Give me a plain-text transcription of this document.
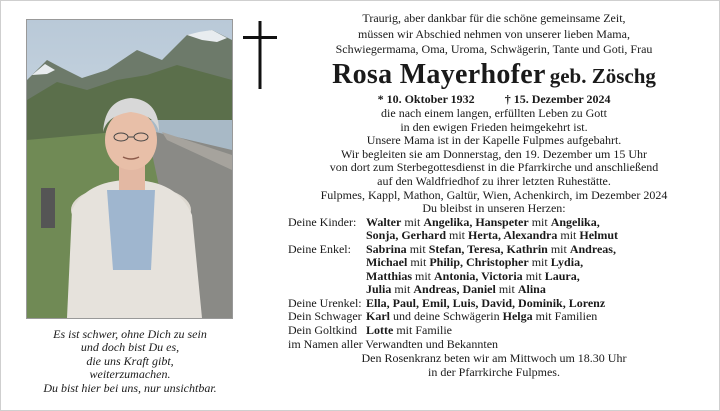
Es ist schwer, ohne Dich zu sein
und doch bist Du es,
die uns Kraft gibt,
weiterzumachen.
Du bist hier bei uns, nur unsichtbar.
Traurig, aber dankbar für die schöne gemeinsame Zeit,
müssen wir Abschied nehmen von unserer lieben Mama,
Schwiegermama, Oma, Uroma, Schwägerin, Tante und Goti, Frau
Rosa Mayerhofer geb. Zöschg
* 10. Oktober 1932	† 15. Dezember 2024
die nach einem langen, erfüllten Leben zu Gott
in den ewigen Frieden heimgekehrt ist.
Unsere Mama ist in der Kapelle Fulpmes aufgebahrt.
Wir begleiten sie am Donnerstag, den 19. Dezember um 15 Uhr
von dort zum Sterbegottesdienst in die Pfarrkirche und anschließend
auf den Waldfriedhof zu ihrer letzten Ruhestätte.
Fulpmes, Kappl, Mathon, Galtür, Wien, Achenkirch, im Dezember 2024
Du bleibst in unseren Herzen:
Deine Kinder: Walter mit Angelika, Hanspeter mit Angelika,
Sonja, Gerhard mit Herta, Alexandra mit Helmut
Deine Enkel:	Sabrina mit Stefan, Teresa, Kathrin mit Andreas,
Michael mit Philip, Christopher mit Lydia,
Matthias mit Antonia, Victoria mit Laura,
Julia mit Andreas, Daniel mit Alina
Deine Urenkel: Ella, Paul, Emil, Luis, David, Dominik, Lorenz
Dein Schwager Karl und deine Schwägerin Helga mit Familien
Dein Goltkind Lotte mit Familie
im Namen aller Verwandten und Bekannten
Den Rosenkranz beten wir am Mittwoch um 18.30 Uhr
in der Pfarrkirche Fulpmes.
